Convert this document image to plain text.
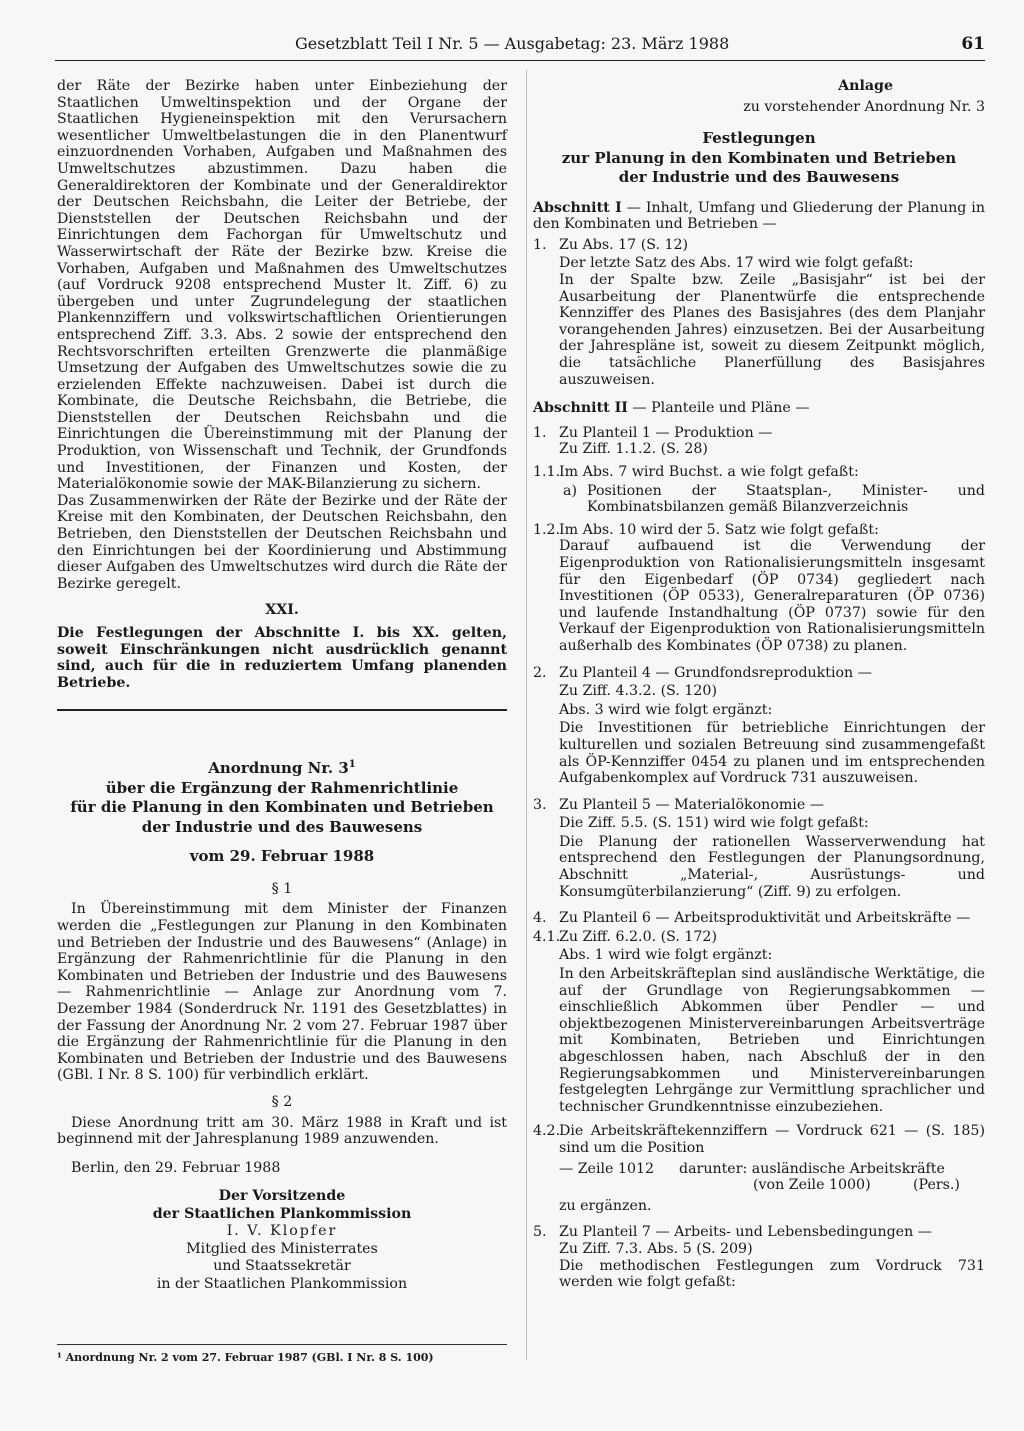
Gesetzblatt Teil I Nr. 5 — Ausgabetag: 23. März 1988	61

der Räte der Bezirke haben unter Einbeziehung der Staatlichen Umweltinspektion und der Organe der Staatlichen Hygieneinspektion mit den Verursachern wesentlicher Umweltbelastungen die in den Planentwurf einzuordnenden Vorhaben, Aufgaben und Maßnahmen des Umweltschutzes abzustimmen. Dazu haben die Generaldirektoren der Kombinate und der Generaldirektor der Deutschen Reichsbahn, die Leiter der Betriebe, der Dienststellen der Deutschen Reichsbahn und der Einrichtungen dem Fachorgan für Umweltschutz und Wasserwirtschaft der Räte der Bezirke bzw. Kreise die Vorhaben, Aufgaben und Maßnahmen des Umweltschutzes (auf Vordruck 9208 entsprechend Muster lt. Ziff. 6) zu übergeben und unter Zugrundelegung der staatlichen Plankennziffern und volkswirtschaftlichen Orientierungen entsprechend Ziff. 3.3. Abs. 2 sowie der entsprechend den Rechtsvorschriften erteilten Grenzwerte die planmäßige Umsetzung der Aufgaben des Umweltschutzes sowie die zu erzielenden Effekte nachzuweisen. Dabei ist durch die Kombinate, die Deutsche Reichsbahn, die Betriebe, die Dienststellen der Deutschen Reichsbahn und die Einrichtungen die Übereinstimmung mit der Planung der Produktion, von Wissenschaft und Technik, der Grundfonds und Investitionen, der Finanzen und Kosten, der Materialökonomie sowie der MAK-Bilanzierung zu sichern.

Das Zusammenwirken der Räte der Bezirke und der Räte der Kreise mit den Kombinaten, der Deutschen Reichsbahn, den Betrieben, den Dienststellen der Deutschen Reichsbahn und den Einrichtungen bei der Koordinierung und Abstimmung dieser Aufgaben des Umweltschutzes wird durch die Räte der Bezirke geregelt.

XXI.

Die Festlegungen der Abschnitte I. bis XX. gelten, soweit Einschränkungen nicht ausdrücklich genannt sind, auch für die in reduziertem Umfang planenden Betriebe.

Anordnung Nr. $3^1$
über die Ergänzung der Rahmenrichtlinie
für die Planung in den Kombinaten und Betrieben
der Industrie und des Bauwesens
vom 29. Februar 1988

§ 1

In Übereinstimmung mit dem Minister der Finanzen werden die „Festlegungen zur Planung in den Kombinaten und Betrieben der Industrie und des Bauwesens“ (Anlage) in Ergänzung der Rahmenrichtlinie für die Planung in den Kombinaten und Betrieben der Industrie und des Bauwesens — Rahmenrichtlinie — Anlage zur Anordnung vom 7. Dezember 1984 (Sonderdruck Nr. 1191 des Gesetzblattes) in der Fassung der Anordnung Nr. 2 vom 27. Februar 1987 über die Ergänzung der Rahmenrichtlinie für die Planung in den Kombinaten und Betrieben der Industrie und des Bauwesens (GBl. I Nr. 8 S. 100) für verbindlich erklärt.

§ 2

Diese Anordnung tritt am 30. März 1988 in Kraft und ist beginnend mit der Jahresplanung 1989 anzuwenden.

Berlin, den 29. Februar 1988

Der Vorsitzende
der Staatlichen Plankommission
I. V. Klopfer
Mitglied des Ministerrates
und Staatssekretär
in der Staatlichen Plankommission
¹ Anordnung Nr. 2 vom 27. Februar 1987 (GBl. I Nr. 8 S. 100)

Anlage

zu vorstehender Anordnung Nr. 3

Festlegungen
zur Planung in den Kombinaten und Betrieben
der Industrie und des Bauwesens

Abschnitt I — Inhalt, Umfang und Gliederung der Planung in den Kombinaten und Betrieben —

1. Zu Abs. 17 (S. 12)

Der letzte Satz des Abs. 17 wird wie folgt gefaßt:

In der Spalte bzw. Zeile „Basisjahr“ ist bei der Ausarbeitung der Planentwürfe die entsprechende Kennziffer des Planes des Basisjahres (des dem Planjahr vorangehenden Jahres) einzusetzen. Bei der Ausarbeitung der Jahrespläne ist, soweit zu diesem Zeitpunkt möglich, die tatsächliche Planerfüllung des Basisjahres auszuweisen.

Abschnitt II — Planteile und Pläne —

1. Zu Planteil 1 — Produktion —

Zu Ziff. 1.1.2. (S. 28)

1.1.
Im Abs. 7 wird Buchst. a wie folgt gefaßt:
a) Positionen der Staatsplan-, Minister- und Kombinatsbilanzen gemäß Bilanzverzeichnis
1.2.
Im Abs. 10 wird der 5. Satz wie folgt gefaßt:

Darauf aufbauend ist die Verwendung der Eigenproduktion von Rationalisierungsmitteln insgesamt für den Eigenbedarf (ÖP 0734) gegliedert nach Investitionen (ÖP 0533), Generalreparaturen (ÖP 0736) und laufende Instandhaltung (ÖP 0737) sowie für den Verkauf der Eigenproduktion von Rationalisierungsmitteln außerhalb des Kombinates (ÖP 0738) zu planen.

2. Zu Planteil 4 — Grundfondsreproduktion —

Zu Ziff. 4.3.2. (S. 120)

Abs. 3 wird wie folgt ergänzt:

Die Investitionen für betriebliche Einrichtungen der kulturellen und sozialen Betreuung sind zusammengefaßt als ÖP-Kennziffer 0454 zu planen und im entsprechenden Aufgabenkomplex auf Vordruck 731 auszuweisen.

3. Zu Planteil 5 — Materialökonomie —

Die Ziff. 5.5. (S. 151) wird wie folgt gefaßt:

Die Planung der rationellen Wasserverwendung hat entsprechend den Festlegungen der Planungsordnung, Abschnitt „Material-, Ausrüstungs- und Konsumgüterbilanzierung“ (Ziff. 9) zu erfolgen.

4. Zu Planteil 6 — Arbeitsproduktivität und Arbeitskräfte —
4.1.
Zu Ziff. 6.2.0. (S. 172)

Abs. 1 wird wie folgt ergänzt:

In den Arbeitskräfteplan sind ausländische Werktätige, die auf der Grundlage von Regierungsabkommen — einschließlich Abkommen über Pendler — und objektbezogenen Ministervereinbarungen Arbeitsverträge mit Kombinaten, Betrieben und Einrichtungen abgeschlossen haben, nach Abschluß der in den Regierungsabkommen und Ministervereinbarungen festgelegten Lehrgänge zur Vermittlung sprachlicher und technischer Grundkenntnisse einzubeziehen.

4.2.
Die Arbeitskräftekennziffern — Vordruck 621 — (S. 185) sind um die Position
— Zeile 1012	darunter: ausländische Arbeitskräfte
(von Zeile 1000)	(Pers.)

zu ergänzen.

5. Zu Planteil 7 — Arbeits- und Lebensbedingungen —

Zu Ziff. 7.3. Abs. 5 (S. 209)

Die methodischen Festlegungen zum Vordruck 731 werden wie folgt gefaßt:
